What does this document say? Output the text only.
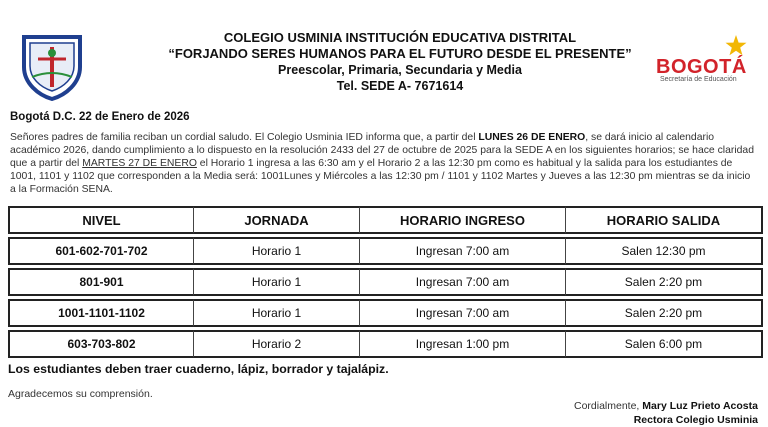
COLEGIO USMINIA INSTITUCIÓN EDUCATIVA DISTRITAL
“FORJANDO SERES HUMANOS PARA EL FUTURO DESDE EL PRESENTE”
Preescolar, Primaria, Secundaria y Media
Tel. SEDE A- 7671614
BOGOTÁ
Secretaría de Educación
Bogotá D.C. 22 de Enero de 2026
Señores padres de familia reciban un cordial saludo. El Colegio Usminia IED informa que, a partir del LUNES 26 DE ENERO, se dará inicio al calendario académico 2026, dando cumplimiento a lo dispuesto en la resolución 2433 del 27 de octubre de 2025 para la SEDE A en los siguientes horarios; se hace claridad que a partir del MARTES 27 DE ENERO el Horario 1 ingresa a las 6:30 am y el Horario 2 a las 12:30 pm como es habitual y la salida para los estudiantes de 1001, 1101 y 1102 que corresponden a la Media será: 1001Lunes y Miércoles a las 12:30 pm / 1101 y 1102 Martes y Jueves a las 12:30 pm mientras se da inicio a la Formación SENA.
NIVEL	JORNADA	HORARIO INGRESO	HORARIO SALIDA
601-602-701-702	Horario 1	Ingresan 7:00 am	Salen 12:30 pm
801-901	Horario 1	Ingresan 7:00 am	Salen 2:20 pm
1001-1101-1102	Horario 1	Ingresan 7:00 am	Salen 2:20 pm
603-703-802	Horario 2	Ingresan 1:00 pm	Salen 6:00 pm
Los estudiantes deben traer cuaderno, lápiz, borrador y tajalápiz.
Agradecemos su comprensión.
Cordialmente, Mary Luz Prieto Acosta
Rectora Colegio Usminia
